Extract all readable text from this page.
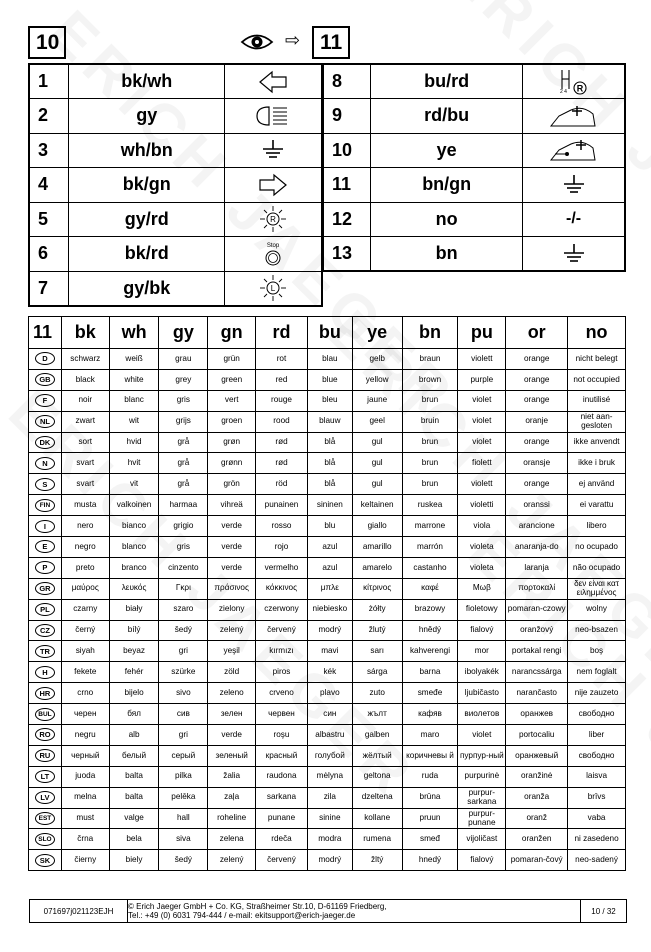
10	⇨ 11
1	bk/wh	

2	gy	

3	wh/bn	

4	bk/gn	

5	gy/rd	R

6	bk/rd	Stop

7	gy/bk	L
8	bu/rd	2 4 R

9	rd/bu	

10	ye	

11	bn/gn	

12	no	-/-
13	bn	
11	bk	wh	gy	gn	rd	bu	ye	bn	pu	or	no
D	schwarz	weiß	grau	grün	rot	blau	gelb	braun	violett	orange	nicht belegt
GB	black	white	grey	green	red	blue	yellow	brown	purple	orange	not occupied
F	noir	blanc	gris	vert	rouge	bleu	jaune	brun	violet	orange	inutilisé
NL	zwart	wit	grijs	groen	rood	blauw	geel	bruin	violet	oranje	niet aan-gesloten
DK	sort	hvid	grå	grøn	rød	blå	gul	brun	violet	orange	ikke anvendt
N	svart	hvit	grå	grønn	rød	blå	gul	brun	fiolett	oransje	ikke i bruk
S	svart	vit	grå	grön	röd	blå	gul	brun	violett	orange	ej använd
FIN	musta	valkoinen	harmaa	vihreä	punainen	sininen	keltainen	ruskea	violetti	oranssi	ei varattu
I	nero	bianco	grigio	verde	rosso	blu	giallo	marrone	viola	arancione	libero
E	negro	blanco	gris	verde	rojo	azul	amarillo	marrón	violeta	anaranja-do	no ocupado
P	preto	branco	cinzento	verde	vermelho	azul	amarelo	castanho	violeta	laranja	não ocupado
GR	μαύρος	λευκός	Γκρι	πράσινος	κόκκινος	μπλε	κίτρινος	καφέ	Μωβ	πορτοκαλί	δεν είναι κατ ειλημμένος
PL	czarny	biały	szaro	zielony	czerwony	niebiesko	żółty	brazowy	fioletowy	pomaran-czowy	wolny
CZ	černý	bílý	šedý	zelený	červený	modrý	žlutý	hnědý	fialový	oranžový	neo-bsazen
TR	siyah	beyaz	gri	yeşil	kırmızı	mavi	sarı	kahverengi	mor	portakal rengi	boş
H	fekete	fehér	szürke	zöld	piros	kék	sárga	barna	ibolyakék	narancssárga	nem foglalt
HR	crno	bijelo	sivo	zeleno	crveno	plavo	zuto	smeđe	ljubičasto	narančasto	nije zauzeto
BUL	черен	бял	сив	зелен	червен	син	жълт	кафяв	виолетов	оранжев	свободно
RO	negru	alb	gri	verde	roşu	albastru	galben	maro	violet	portocaliu	liber
RU	черный	белый	серый	зеленый	красный	голубой	жёлтый	коричневы й	пурпур-ный	оранжевый	свободно
LT	juoda	balta	pilka	žalia	raudona	mėlyna	geltona	ruda	purpurinė	oranžinė	laisva
LV	melna	balta	pelēka	zaļa	sarkana	zila	dzeltena	brūna	purpur-sarkana	oranža	brīvs
EST	must	valge	hall	roheline	punane	sinine	kollane	pruun	purpur-punane	oranž	vaba
SLO	črna	bela	siva	zelena	rdeča	modra	rumena	smeđ	vijoličast	oranžen	ni zasedeno
SK	čierny	biely	šedý	zelený	červený	modrý	žltý	hnedý	fialový	pomaran-čový	neo-sadený
071697j021123EJH	© Erich Jaeger GmbH + Co. KG, Straßheimer Str.10, D-61169 Friedberg,
Tel.: +49 (0) 6031 794-444 / e-mail: ekitsupport@erich-jaeger.de	10 / 32
